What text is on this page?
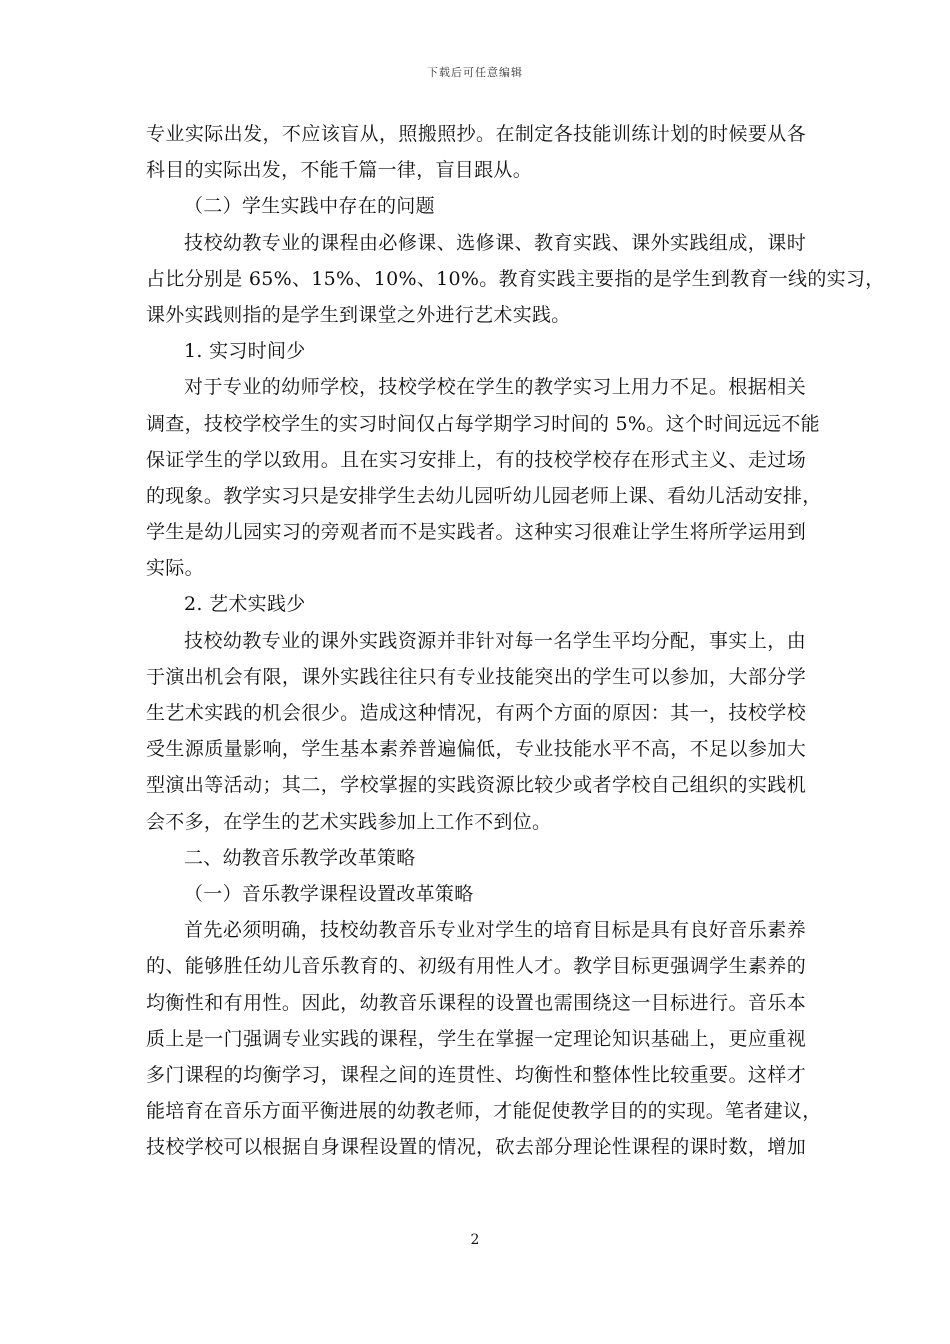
下载后可任意编辑
专业实际出发，不应该盲从，照搬照抄。在制定各技能训练计划的时候要从各
科目的实际出发，不能千篇一律，盲目跟从。
（二）学生实践中存在的问题
技校幼教专业的课程由必修课、选修课、教育实践、课外实践组成，课时
占比分别是 65%、15%、10%、10%。教育实践主要指的是学生到教育一线的实习，
课外实践则指的是学生到课堂之外进行艺术实践。
1. 实习时间少
对于专业的幼师学校，技校学校在学生的教学实习上用力不足。根据相关
调查，技校学校学生的实习时间仅占每学期学习时间的 5%。这个时间远远不能
保证学生的学以致用。且在实习安排上，有的技校学校存在形式主义、走过场
的现象。教学实习只是安排学生去幼儿园听幼儿园老师上课、看幼儿活动安排，
学生是幼儿园实习的旁观者而不是实践者。这种实习很难让学生将所学运用到
实际。
2. 艺术实践少
技校幼教专业的课外实践资源并非针对每一名学生平均分配，事实上，由
于演出机会有限，课外实践往往只有专业技能突出的学生可以参加，大部分学
生艺术实践的机会很少。造成这种情况，有两个方面的原因：其一，技校学校
受生源质量影响，学生基本素养普遍偏低，专业技能水平不高，不足以参加大
型演出等活动；其二，学校掌握的实践资源比较少或者学校自己组织的实践机
会不多，在学生的艺术实践参加上工作不到位。
二、幼教音乐教学改革策略
（一）音乐教学课程设置改革策略
首先必须明确，技校幼教音乐专业对学生的培育目标是具有良好音乐素养
的、能够胜任幼儿音乐教育的、初级有用性人才。教学目标更强调学生素养的
均衡性和有用性。因此，幼教音乐课程的设置也需围绕这一目标进行。音乐本
质上是一门强调专业实践的课程，学生在掌握一定理论知识基础上，更应重视
多门课程的均衡学习，课程之间的连贯性、均衡性和整体性比较重要。这样才
能培育在音乐方面平衡进展的幼教老师，才能促使教学目的的实现。笔者建议，
技校学校可以根据自身课程设置的情况，砍去部分理论性课程的课时数，增加
2
